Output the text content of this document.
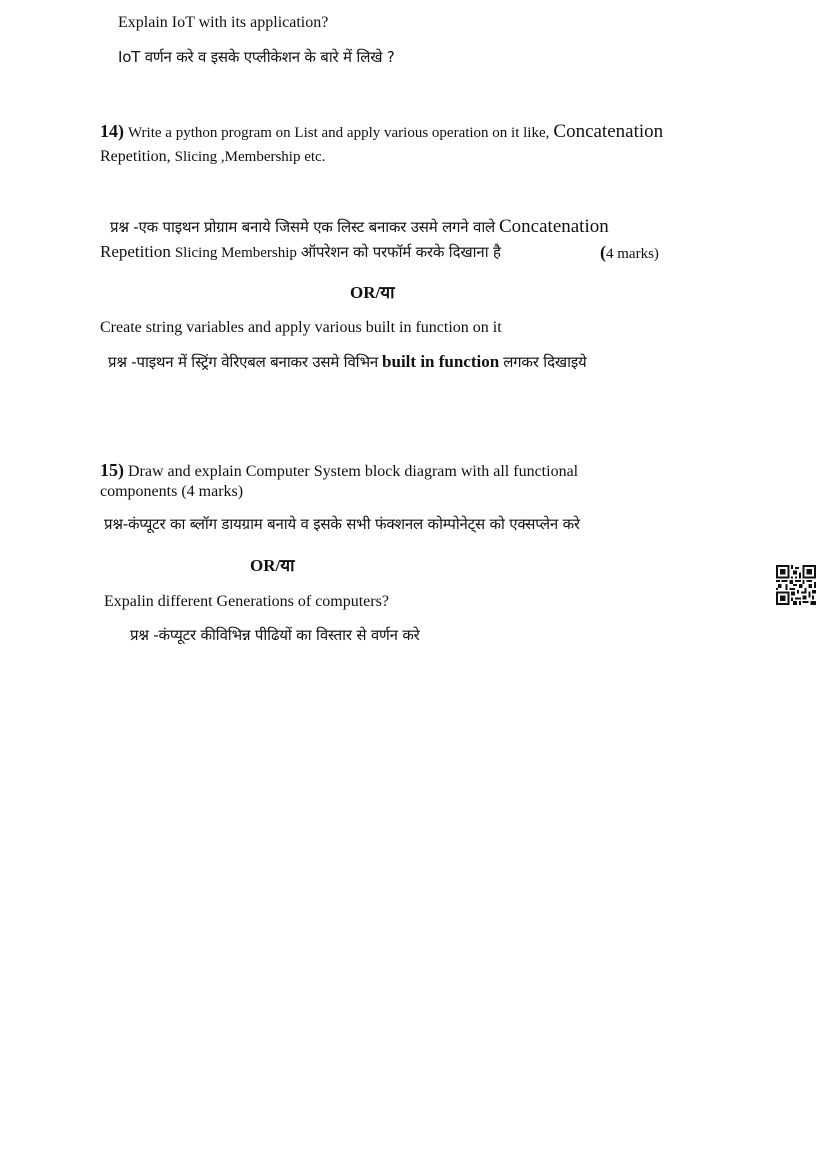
Explain IoT with its application?
IoT वर्णन करे व इसके एप्लीकेशन के बारे में लिखे ?
14) Write a python program on List and apply various operation on it like, Concatenation
Repetition, Slicing ,Membership etc.
प्रश्न -एक पाइथन प्रोग्राम बनाये जिसमे एक लिस्ट बनाकर उसमे लगने वाले Concatenation
Repetition Slicing Membership ऑपरेशन को परफॉर्म करके दिखाना है	(4 marks)
OR/या
Create string variables and apply various built in function on it
प्रश्न -पाइथन में स्ट्रिंग वेरिएबल बनाकर उसमे विभिन built in function लगकर दिखाइये
15) Draw and explain Computer System block diagram with all functional
components (4 marks)
प्रश्न-कंप्यूटर का ब्लॉग डायग्राम बनाये व इसके सभी फंक्शनल कोम्पोनेट्स को एक्सप्लेन करे
OR/या
Expalin different Generations of computers?
प्रश्न -कंप्यूटर कीविभिन्न पीढियों का विस्तार से वर्णन करे
